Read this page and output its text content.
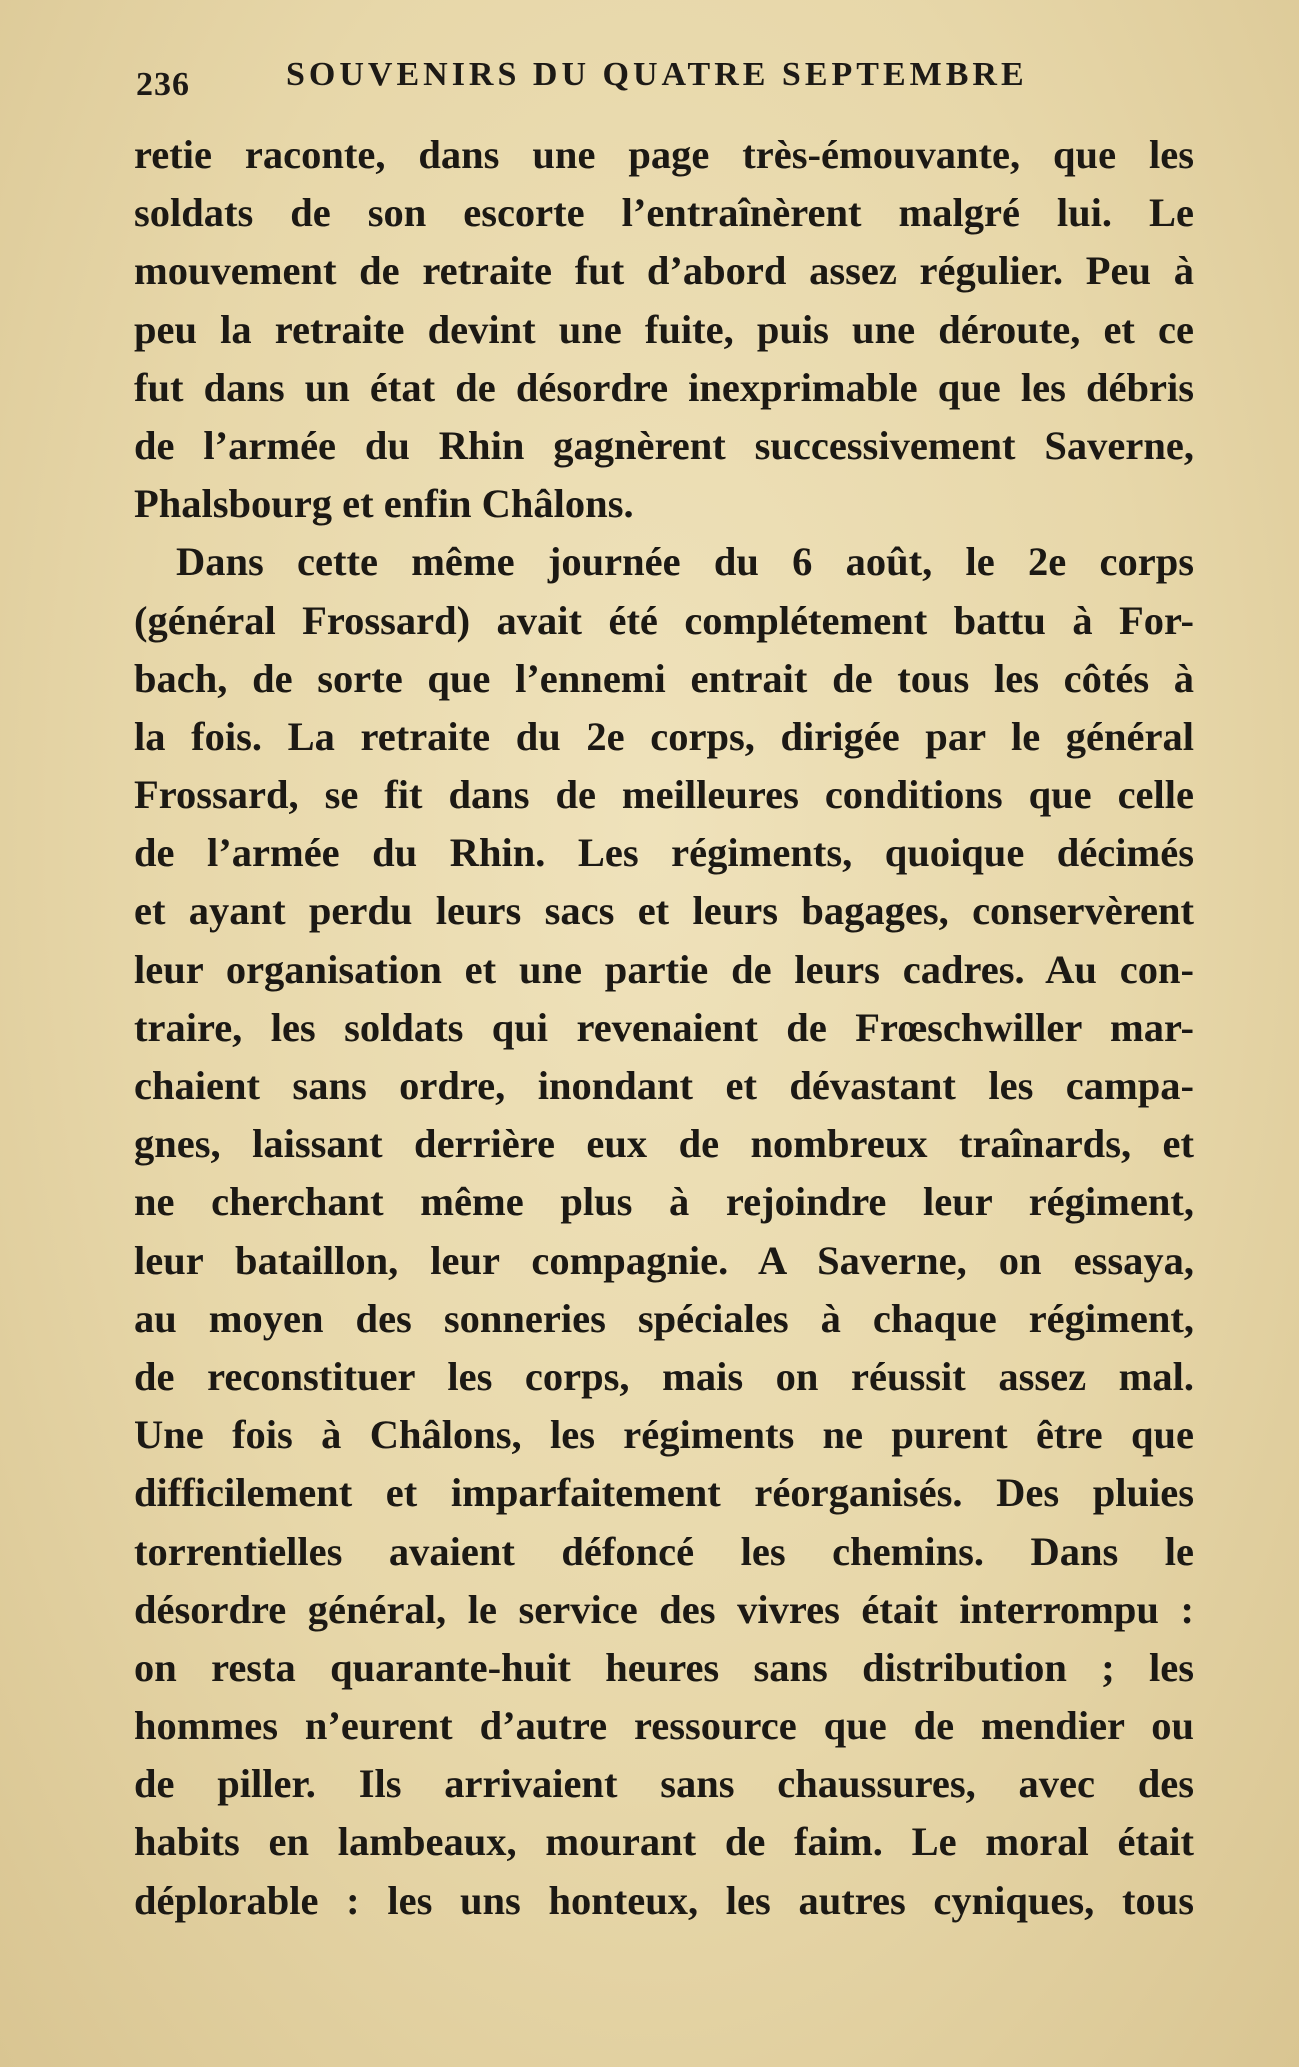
236	SOUVENIRS DU QUATRE SEPTEMBRE
retie raconte, dans une page très-émouvante, que les
soldats de son escorte l’entraînèrent malgré lui. Le
mouvement de retraite fut d’abord assez régulier. Peu à
peu la retraite devint une fuite, puis une déroute, et ce
fut dans un état de désordre inexprimable que les débris
de l’armée du Rhin gagnèrent successivement Saverne,
Phalsbourg et enfin Châlons.
Dans cette même journée du 6 août, le 2e corps
(général Frossard) avait été complétement battu à For-
bach, de sorte que l’ennemi entrait de tous les côtés à
la fois. La retraite du 2e corps, dirigée par le général
Frossard, se fit dans de meilleures conditions que celle
de l’armée du Rhin. Les régiments, quoique décimés
et ayant perdu leurs sacs et leurs bagages, conservèrent
leur organisation et une partie de leurs cadres. Au con-
traire, les soldats qui revenaient de Frœschwiller mar-
chaient sans ordre, inondant et dévastant les campa-
gnes, laissant derrière eux de nombreux traînards, et
ne cherchant même plus à rejoindre leur régiment,
leur bataillon, leur compagnie. A Saverne, on essaya,
au moyen des sonneries spéciales à chaque régiment,
de reconstituer les corps, mais on réussit assez mal.
Une fois à Châlons, les régiments ne purent être que
difficilement et imparfaitement réorganisés. Des pluies
torrentielles avaient défoncé les chemins. Dans le
désordre général, le service des vivres était interrompu :
on resta quarante-huit heures sans distribution ; les
hommes n’eurent d’autre ressource que de mendier ou
de piller. Ils arrivaient sans chaussures, avec des
habits en lambeaux, mourant de faim. Le moral était
déplorable : les uns honteux, les autres cyniques, tous
